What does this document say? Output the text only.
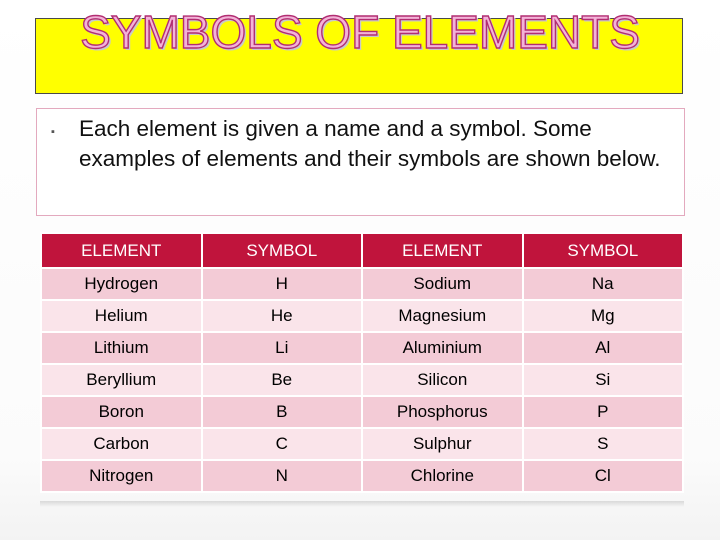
SYMBOLS OF ELEMENTS
▪ Each element is given a name and a symbol. Some examples of elements and their symbols are shown below.
ELEMENT	SYMBOL	ELEMENT	SYMBOL
Hydrogen	H	Sodium	Na
Helium	He	Magnesium	Mg
Lithium	Li	Aluminium	Al
Beryllium	Be	Silicon	Si
Boron	B	Phosphorus	P
Carbon	C	Sulphur	S
Nitrogen	N	Chlorine	Cl
